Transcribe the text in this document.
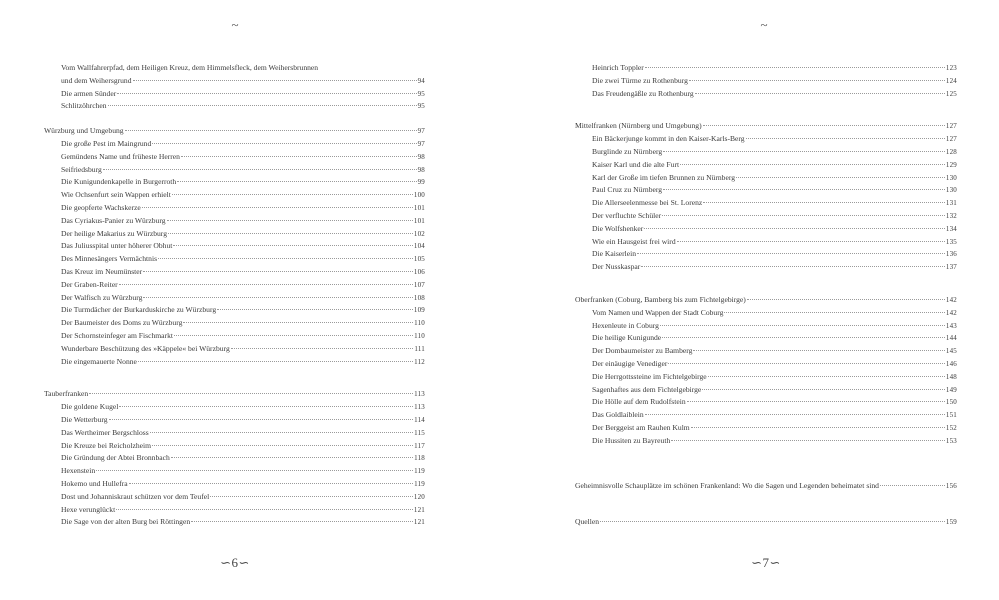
~
Vom Wallfahrerpfad, dem Heiligen Kreuz, dem Himmelsfleck, dem Weihersbrunnen
und dem Weihersgrund	94
Die armen Sünder	95
Schlitzöhrchen	95
Würzburg und Umgebung	97
Die große Pest im Maingrund	97
Gemündens Name und früheste Herren	98
Seifriedsburg	98
Die Kunigundenkapelle in Burgerroth	99
Wie Ochsenfurt sein Wappen erhielt	100
Die geopferte Wachskerze	101
Das Cyriakus-Panier zu Würzburg	101
Der heilige Makarius zu Würzburg	102
Das Juliusspital unter höherer Obhut	104
Des Minnesängers Vermächtnis	105
Das Kreuz im Neumünster	106
Der Graben-Reiter	107
Der Walfisch zu Würzburg	108
Die Turmdächer der Burkarduskirche zu Würzburg	109
Der Baumeister des Doms zu Würzburg	110
Der Schornsteinfeger am Fischmarkt	110
Wunderbare Beschützung des »Käppele« bei Würzburg	111
Die eingemauerte Nonne	112
Tauberfranken	113
Die goldene Kugel	113
Die Wetterburg	114
Das Wertheimer Bergschloss	115
Die Kreuze bei Reicholzheim	117
Die Gründung der Abtei Bronnbach	118
Hexenstein	119
Hokemo und Hullefra	119
Dost und Johanniskraut schützen vor dem Teufel	120
Hexe verunglückt	121
Die Sage von der alten Burg bei Röttingen	121
∽6∽
~
Heinrich Toppler	123
Die zwei Türme zu Rothenburg	124
Das Freudengäßle zu Rothenburg	125
Mittelfranken (Nürnberg und Umgebung)	127
Ein Bäckerjunge kommt in den Kaiser-Karls-Berg	127
Burglinde zu Nürnberg	128
Kaiser Karl und die alte Furt	129
Karl der Große im tiefen Brunnen zu Nürnberg	130
Paul Cruz zu Nürnberg	130
Die Allerseelenmesse bei St. Lorenz	131
Der verfluchte Schüler	132
Die Wolfshenker	134
Wie ein Hausgeist frei wird	135
Die Kaiserlein	136
Der Nusskaspar	137
Oberfranken (Coburg, Bamberg bis zum Fichtelgebirge)	142
Vom Namen und Wappen der Stadt Coburg	142
Hexenleute in Coburg	143
Die heilige Kunigunde	144
Der Dombaumeister zu Bamberg	145
Der einäugige Venediger	146
Die Herrgottssteine im Fichtelgebirge	148
Sagenhaftes aus dem Fichtelgebirge	149
Die Hölle auf dem Rudolfstein	150
Das Goldlaiblein	151
Der Berggeist am Rauhen Kulm	152
Die Hussiten zu Bayreuth	153
Geheimnisvolle Schauplätze im schönen Frankenland: Wo die Sagen und Legenden beheimatet sind	156
Quellen	159
∽7∽
